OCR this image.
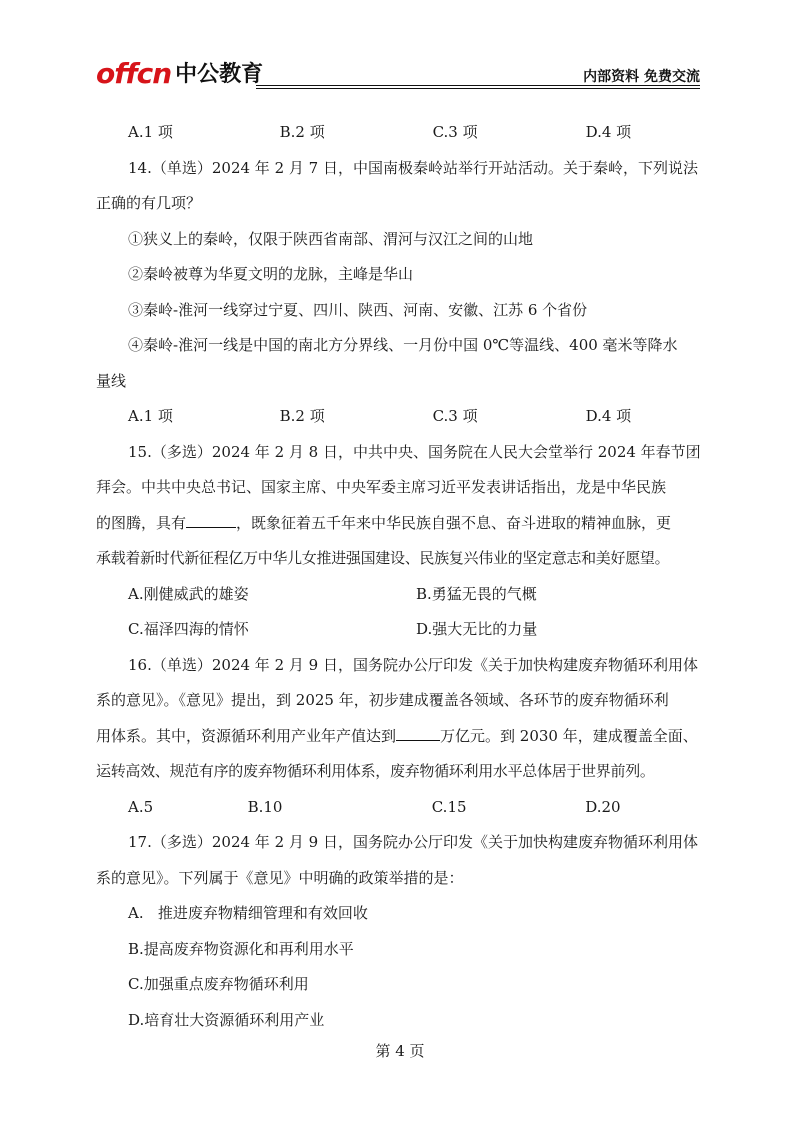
offcn 中公教育	内部资料 免费交流
A.1 项	B.2 项	C.3 项	D.4 项
14.（单选）2024 年 2 月 7 日，中国南极秦岭站举行开站活动。关于秦岭，下列说法
正确的有几项？
①狭义上的秦岭，仅限于陕西省南部、渭河与汉江之间的山地
②秦岭被尊为华夏文明的龙脉，主峰是华山
③秦岭-淮河一线穿过宁夏、四川、陕西、河南、安徽、江苏 6 个省份
④秦岭-淮河一线是中国的南北方分界线、一月份中国 0℃等温线、400 毫米等降水
量线
A.1 项	B.2 项	C.3 项	D.4 项
15.（多选）2024 年 2 月 8 日，中共中央、国务院在人民大会堂举行 2024 年春节团
拜会。中共中央总书记、国家主席、中央军委主席习近平发表讲话指出，龙是中华民族
的图腾，具有	，既象征着五千年来中华民族自强不息、奋斗进取的精神血脉，更
承载着新时代新征程亿万中华儿女推进强国建设、民族复兴伟业的坚定意志和美好愿望。
A.刚健威武的雄姿	B.勇猛无畏的气概
C.福泽四海的情怀	D.强大无比的力量
16.（单选）2024 年 2 月 9 日，国务院办公厅印发《关于加快构建废弃物循环利用体
系的意见》。《意见》提出，到 2025 年，初步建成覆盖各领域、各环节的废弃物循环利
用体系。其中，资源循环利用产业年产值达到	万亿元。到 2030 年，建成覆盖全面、
运转高效、规范有序的废弃物循环利用体系，废弃物循环利用水平总体居于世界前列。
A.5	B.10	C.15	D.20
17.（多选）2024 年 2 月 9 日，国务院办公厅印发《关于加快构建废弃物循环利用体
系的意见》。下列属于《意见》中明确的政策举措的是：
A.   推进废弃物精细管理和有效回收
B.提高废弃物资源化和再利用水平
C.加强重点废弃物循环利用
D.培育壮大资源循环利用产业
第 4 页
